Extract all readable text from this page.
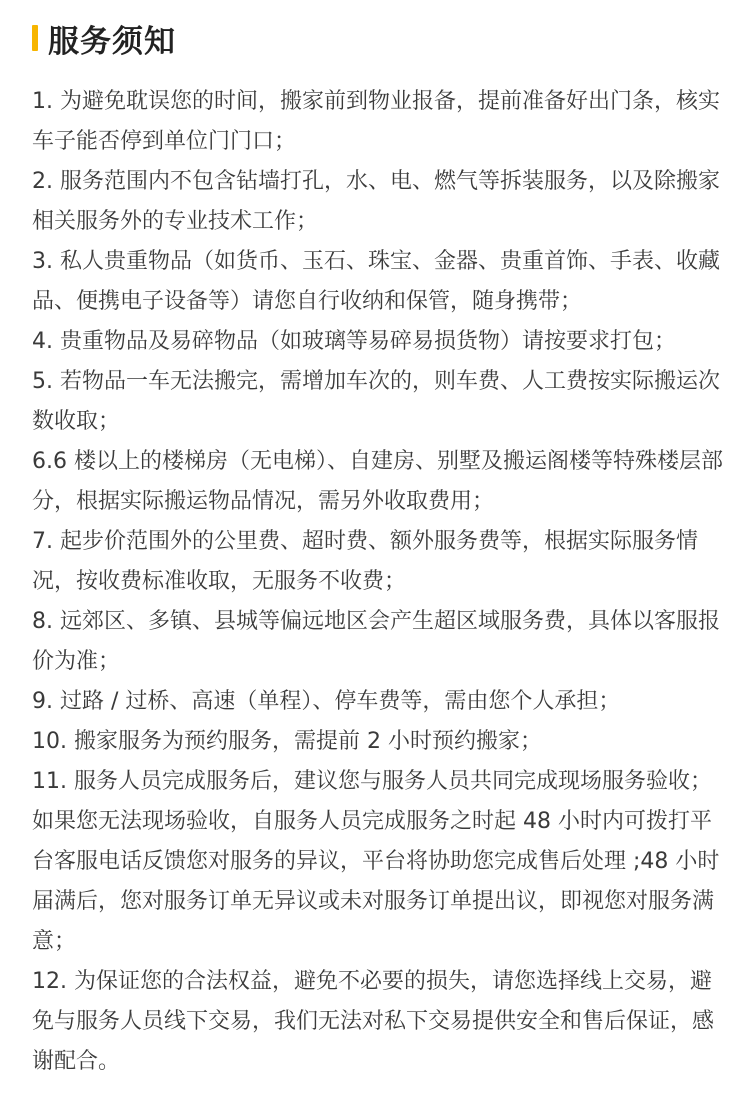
服务须知
1. 为避免耽误您的时间，搬家前到物业报备，提前准备好出门条，核实车子能否停到单位门门口；
2. 服务范围内不包含钻墙打孔，水、电、燃气等拆装服务，以及除搬家相关服务外的专业技术工作；
3. 私人贵重物品（如货币、玉石、珠宝、金器、贵重首饰、手表、收藏品、便携电子设备等）请您自行收纳和保管，随身携带；
4. 贵重物品及易碎物品（如玻璃等易碎易损货物）请按要求打包；
5. 若物品一车无法搬完，需增加车次的，则车费、人工费按实际搬运次数收取；
6.6 楼以上的楼梯房（无电梯）、自建房、别墅及搬运阁楼等特殊楼层部分，根据实际搬运物品情况，需另外收取费用；
7. 起步价范围外的公里费、超时费、额外服务费等，根据实际服务情况，按收费标准收取，无服务不收费；
8. 远郊区、多镇、县城等偏远地区会产生超区域服务费，具体以客服报价为准；
9. 过路 / 过桥、高速（单程）、停车费等，需由您个人承担；
10. 搬家服务为预约服务，需提前 2 小时预约搬家；
11. 服务人员完成服务后，建议您与服务人员共同完成现场服务验收；如果您无法现场验收，自服务人员完成服务之时起 48 小时内可拨打平台客服电话反馈您对服务的异议，平台将协助您完成售后处理 ;48 小时届满后，您对服务订单无异议或未对服务订单提出议，即视您对服务满意；
12. 为保证您的合法权益，避免不必要的损失，请您选择线上交易，避免与服务人员线下交易，我们无法对私下交易提供安全和售后保证，感谢配合。
